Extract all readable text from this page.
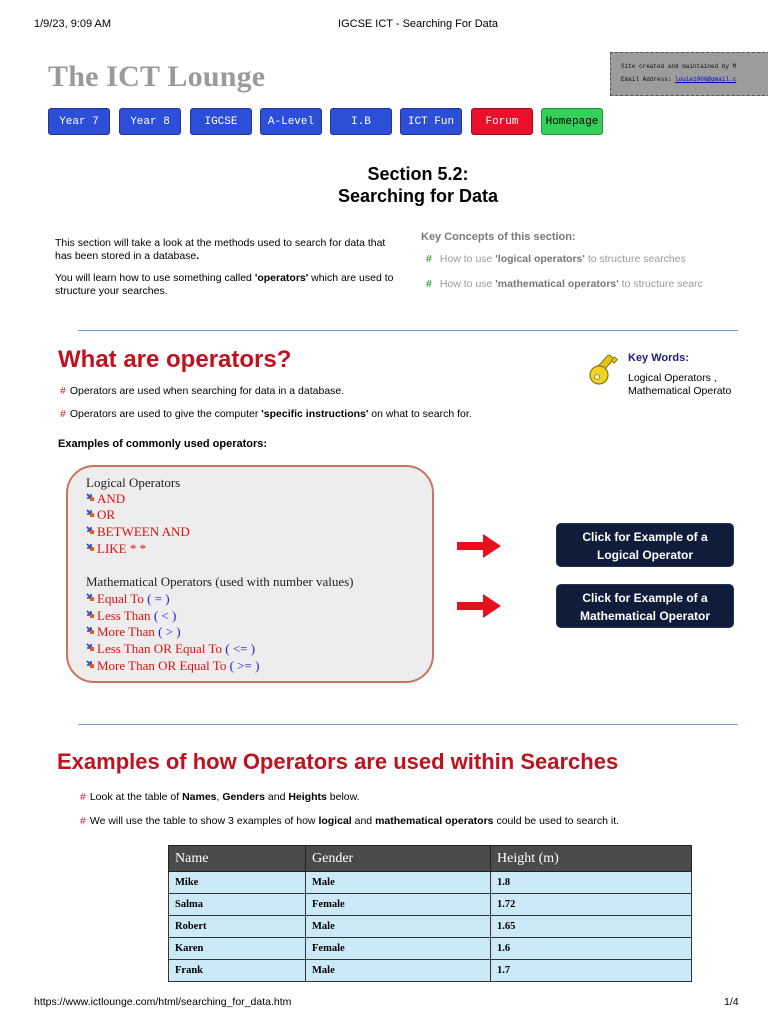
1/9/23, 9:09 AM	IGCSE ICT - Searching For Data
The ICT Lounge	Site created and maintained by M
Email Address: louie1006@gmail.c
Year 7	Year 8	IGCSE	A-Level	I.B	ICT Fun	Forum	Homepage
Section 5.2:
Searching for Data

This section will take a look at the methods used to search for data that has been stored in a database.

You will learn how to use something called 'operators' which are used to structure your searches.

Key Concepts of this section:
# How to use 'logical operators' to structure searches
# How to use 'mathematical operators' to structure searc
What are operators?
# Operators are used when searching for data in a database.
# Operators are used to give the computer 'specific instructions' on what to search for.
Examples of commonly used operators:
Key Words:
Logical Operators ,
Mathematical Operato
Logical Operators
AND
OR
BETWEEN AND
LIKE * *
Mathematical Operators (used with number values)
Equal To ( = )
Less Than ( < )
More Than ( > )
Less Than OR Equal To ( <= )
More Than OR Equal To ( >= )
Click for Example of a
Logical Operator
Click for Example of a
Mathematical Operator
Examples of how Operators are used within Searches
# Look at the table of Names, Genders and Heights below.
# We will use the table to show 3 examples of how logical and mathematical operators could be used to search it.
Name	Gender	Height (m)
Mike	Male	1.8
Salma	Female	1.72
Robert	Male	1.65
Karen	Female	1.6
Frank	Male	1.7
https://www.ictlounge.com/html/searching_for_data.htm	1/4
